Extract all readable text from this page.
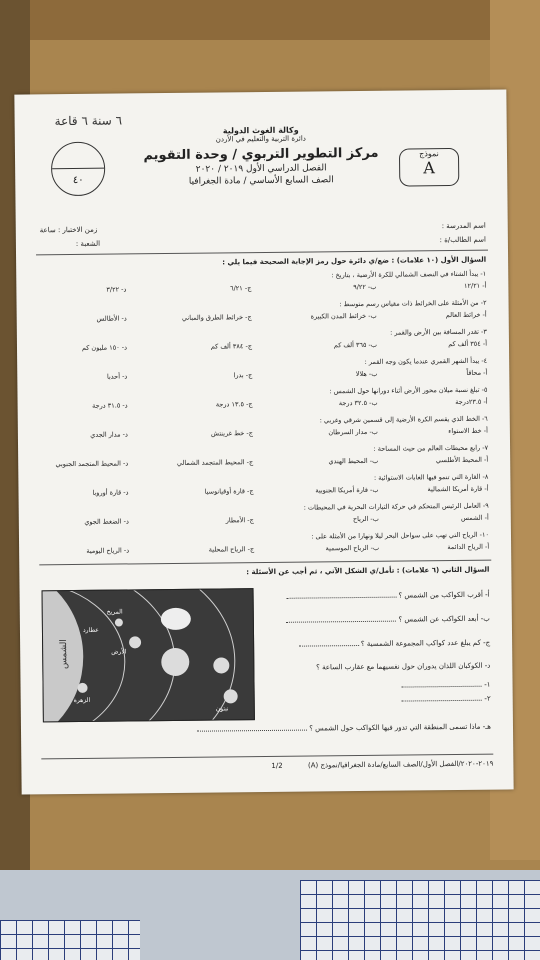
٦ سنة ٦ قاعة
وكالة الغوث الدولية
دائرة التربية والتعليم في الأردن
مركز التطوير التربوي / وحدة التقويم
الفصل الدراسي الأول ٢٠١٩ / ٢٠٢٠
الصف السابع الأساسي / مادة الجغرافيا
٤٠
نموذج
A
اسم المدرسة :
اسم الطالب/ة :
زمن الاختبار : ساعة
الشعبة :
السؤال الأول (١٠ علامات) : ضع/ي دائرة حول رمز الإجابة الصحيحة فيما يلي :
١- يبدأ الشتاء في النصف الشمالي للكرة الأرضية ، بتاريخ :
أ- ١٢/٢١
ب- ٩/٢٢
ج- ٦/٢١
د- ٣/٢٢
٢- من الأمثلة على الخرائط ذات مقياس رسم متوسط :
أ- خرائط العالم
ب- خرائط المدن الكبيرة
ج- خرائط الطرق والمباني
د- الأطالس
٣- تقدر المسافة بين الأرض والقمر :
أ- ٣٥٤ ألف كم
ب- ٣٦٥ ألف كم
ج- ٣٨٤ ألف كم
د- ١٥٠ مليون كم
٤- يبدأ الشهر القمري عندما يكون وجه القمر :
أ- محاقاً
ب- هلالا
ج- بدرا
د- أحدبا
٥- تبلغ نسبة ميلان محور الأرض أثناء دورانها حول الشمس :
أ- ٢٣.٥درجة
ب- ٣٢.٥ درجة
ج- ١٣.٥ درجة
د- ٣١.٥ درجة
٦- الخط الذي يقسم الكرة الأرضية إلى قسمين شرقي وغربي :
أ- خط الاستواء
ب- مدار السرطان
ج- خط غرينتش
د- مدار الجدي
٧- رابع محيطات العالم من حيث المساحة :
أ- المحيط الأطلسي
ب- المحيط الهندي
ج- المحيط المتجمد الشمالي
د- المحيط المتجمد الجنوبي
٨- القارة التي تنمو فيها الغابات الاستوائية :
أ- قارة أمريكا الشمالية
ب- قارة أمريكا الجنوبية
ج- قارة أوقيانوسيا
د- قارة أوروبا
٩- العامل الرئيس المتحكم في حركة التيارات البحرية في المحيطات :
أ- الشمس
ب- الرياح
ج- الأمطار
د- الضغط الجوي
١٠- الرياح التي تهب على سواحل البحر ليلا ونهارا من الأمثلة على :
أ- الرياح الدائمة
ب- الرياح الموسمية
ج- الرياح المحلية
د- الرياح اليومية
السؤال الثاني (٦ علامات) : تأمل/ي الشكل الآتي ، ثم أجب عن الأسئلة :
الشمس
المريخ
الأرض
عطارد
الزهرة
نبتون
أ- أقرب الكواكب من الشمس ؟
ب- أبعد الكواكب عن الشمس ؟
ج- كم يبلغ عدد كواكب المجموعة الشمسية ؟
د- الكوكبان اللذان يدوران حول نفسيهما مع عقارب الساعة ؟
١-
٢-
هـ- ماذا تسمى المنطقة التي تدور فيها الكواكب حول الشمس ؟
1/2	٢٠١٩-٢٠٢٠/الفصل الأول/الصف السابع/مادة الجغرافيا/نموذج (A)
